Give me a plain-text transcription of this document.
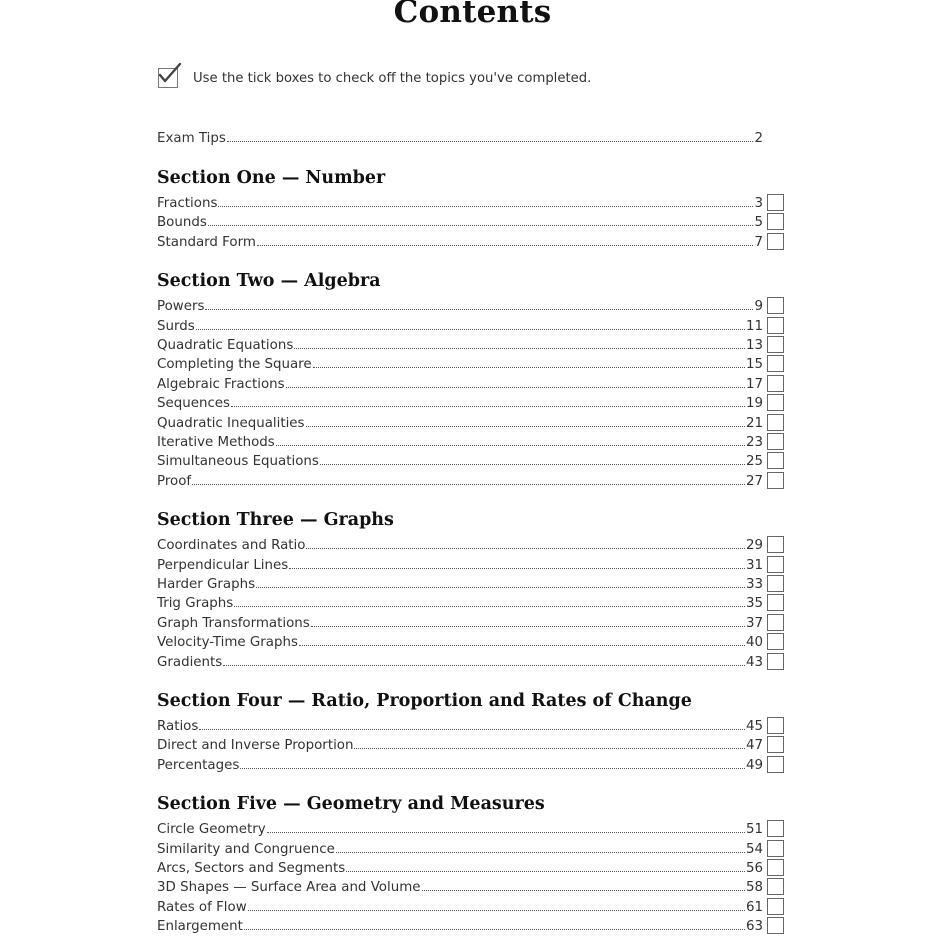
Contents
Use the tick boxes to check off the topics you've completed.
Exam Tips	2
Section One — Number
Fractions	3
Bounds	5
Standard Form	7
Section Two — Algebra
Powers	9
Surds	11
Quadratic Equations	13
Completing the Square	15
Algebraic Fractions	17
Sequences	19
Quadratic Inequalities	21
Iterative Methods	23
Simultaneous Equations	25
Proof	27
Section Three — Graphs
Coordinates and Ratio	29
Perpendicular Lines	31
Harder Graphs	33
Trig Graphs	35
Graph Transformations	37
Velocity-Time Graphs	40
Gradients	43
Section Four — Ratio, Proportion and Rates of Change
Ratios	45
Direct and Inverse Proportion	47
Percentages	49
Section Five — Geometry and Measures
Circle Geometry	51
Similarity and Congruence	54
Arcs, Sectors and Segments	56
3D Shapes — Surface Area and Volume	58
Rates of Flow	61
Enlargement	63
